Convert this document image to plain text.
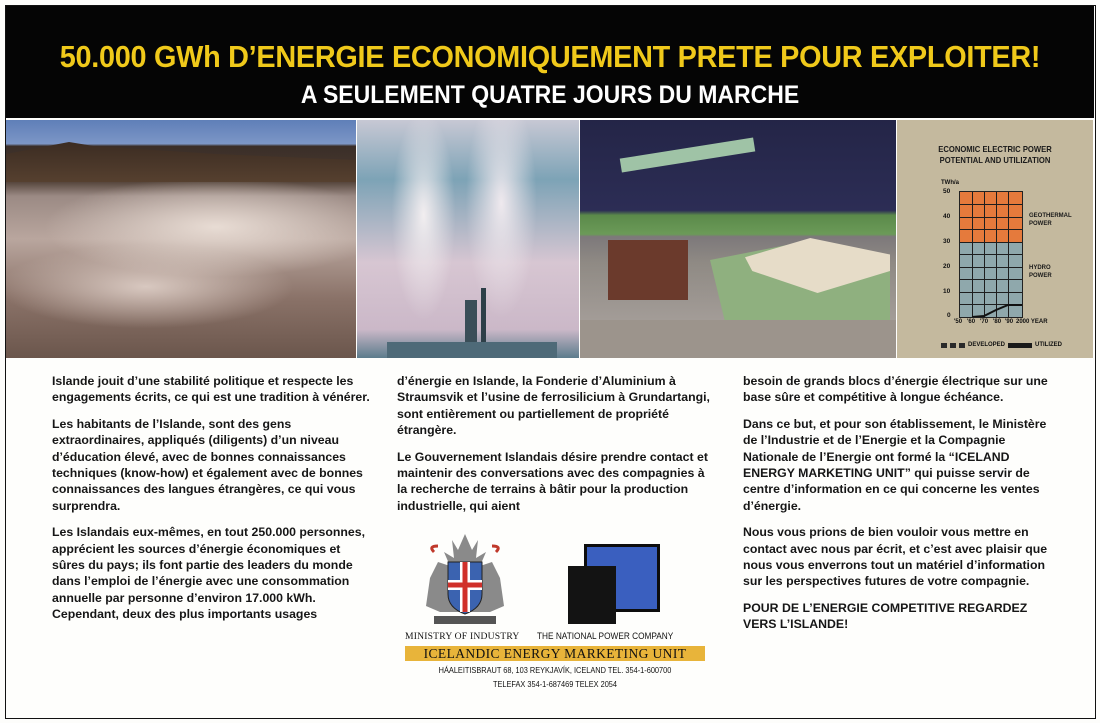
50.000 GWh D’ENERGIE ECONOMIQUEMENT PRETE POUR EXPLOITER!
A SEULEMENT QUATRE JOURS DU MARCHE
ECONOMIC ELECTRIC POWER
POTENTIAL AND UTILIZATION
TWh/a
50
40
30
20
10
0
'50 '60 '70 '80 '90 2000 YEAR
GEOTHERMAL
POWER
HYDRO
POWER
DEVELOPED	UTILIZED

Islande jouit d’une stabilité politique et respecte les engagements écrits, ce qui est une tradition à vénérer.

Les habitants de l’Islande, sont des gens extraordinaires, appliqués (diligents) d’un niveau d’éducation élevé, avec de bonnes connaissances techniques (know-how) et également avec de bonnes connaissances des langues étrangères, ce qui vous surprendra.

Les Islandais eux-mêmes, en tout 250.000 personnes, apprécient les sources d’énergie économiques et sûres du pays; ils font partie des leaders du monde dans l’emploi de l’énergie avec une consommation annuelle par personne d’environ 17.000 kWh. Cependant, deux des plus importants usages

d’énergie en Islande, la Fonderie d’Aluminium à Straumsvik et l’usine de ferrosilicium à Grundartangi, sont entièrement ou partiellement de propriété étrangère.

Le Gouvernement Islandais désire prendre contact et maintenir des conversations avec des compagnies à la recherche de terrains à bâtir pour la production industrielle, qui aient

besoin de grands blocs d’énergie électrique sur une base sûre et compétitive à longue échéance.

Dans ce but, et pour son établissement, le Ministère de l’Industrie et de l’Energie et la Compagnie Nationale de l’Energie ont formé la “ICELAND ENERGY MARKETING UNIT” qui puisse servir de centre d’information en ce qui concerne les ventes d’énergie.

Nous vous prions de bien vouloir vous mettre en contact avec nous par écrit, et c’est avec plaisir que nous vous enverrons tout un matériel d’information sur les perspectives futures de votre compagnie.

POUR DE L’ENERGIE COMPETITIVE REGARDEZ VERS L’ISLANDE!

MINISTRY OF INDUSTRY THE NATIONAL POWER COMPANY
ICELANDIC ENERGY MARKETING UNIT
HÁALEITISBRAUT 68, 103 REYKJAVÍK, ICELAND TEL. 354-1-600700
TELEFAX 354-1-687469 TELEX 2054
